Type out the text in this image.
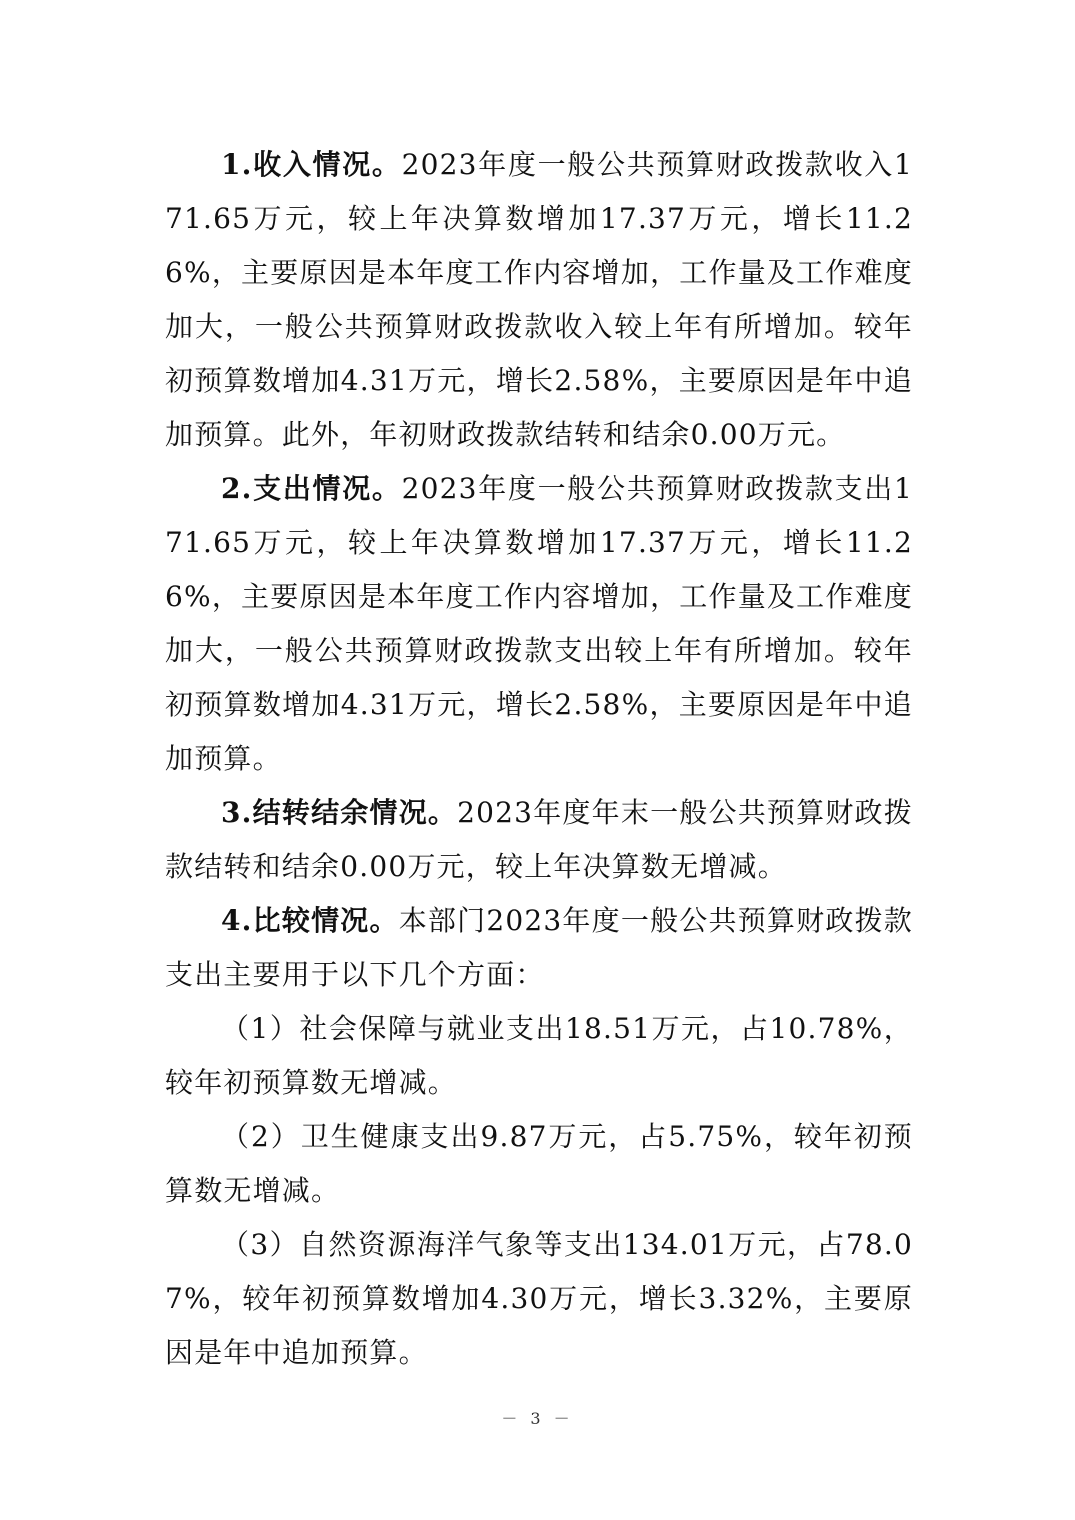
1.收入情况。2023年度一般公共预算财政拨款收入171.65万元，较上年决算数增加17.37万元，增长11.26%，主要原因是本年度工作内容增加，工作量及工作难度加大，一般公共预算财政拨款收入较上年有所增加。较年初预算数增加4.31万元，增长2.58%，主要原因是年中追加预算。此外，年初财政拨款结转和结余0.00万元。

2.支出情况。2023年度一般公共预算财政拨款支出171.65万元，较上年决算数增加17.37万元，增长11.26%，主要原因是本年度工作内容增加，工作量及工作难度加大，一般公共预算财政拨款支出较上年有所增加。较年初预算数增加4.31万元，增长2.58%，主要原因是年中追加预算。

3.结转结余情况。2023年度年末一般公共预算财政拨款结转和结余0.00万元，较上年决算数无增减。

4.比较情况。本部门2023年度一般公共预算财政拨款支出主要用于以下几个方面：

（1）社会保障与就业支出18.51万元，占10.78%，较年初预算数无增减。

（2）卫生健康支出9.87万元，占5.75%，较年初预算数无增减。

（3）自然资源海洋气象等支出134.01万元，占78.07%，较年初预算数增加4.30万元，增长3.32%，主要原因是年中追加预算。

－ 3 －
